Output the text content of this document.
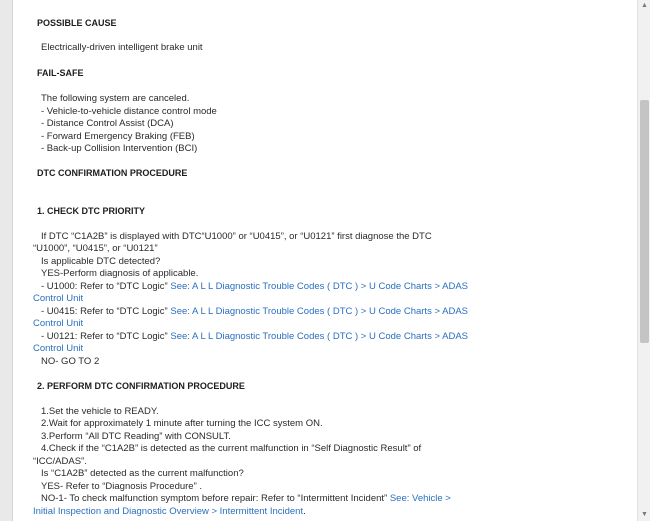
POSSIBLE CAUSE
Electrically-driven intelligent brake unit
FAIL-SAFE
The following system are canceled.
- Vehicle-to-vehicle distance control mode
- Distance Control Assist (DCA)
- Forward Emergency Braking (FEB)
- Back-up Collision Intervention (BCI)
DTC CONFIRMATION PROCEDURE
1. CHECK DTC PRIORITY
If DTC “C1A2B” is displayed with DTC“U1000” or “U0415”, or “U0121” first diagnose the DTC
“U1000”, “U0415”, or “U0121”
Is applicable DTC detected?
YES-Perform diagnosis of applicable.
- U1000: Refer to “DTC Logic” See: A L L Diagnostic Trouble Codes ( DTC ) > U Code Charts > ADAS
Control Unit
- U0415: Refer to “DTC Logic” See: A L L Diagnostic Trouble Codes ( DTC ) > U Code Charts > ADAS
Control Unit
- U0121: Refer to “DTC Logic” See: A L L Diagnostic Trouble Codes ( DTC ) > U Code Charts > ADAS
Control Unit
NO- GO TO 2
2. PERFORM DTC CONFIRMATION PROCEDURE
1.Set the vehicle to READY.
2.Wait for approximately 1 minute after turning the ICC system ON.
3.Perform “All DTC Reading” with CONSULT.
4.Check if the “C1A2B” is detected as the current malfunction in “Self Diagnostic Result” of
“ICC/ADAS”.
Is “C1A2B” detected as the current malfunction?
YES- Refer to “Diagnosis Procedure” .
NO-1- To check malfunction symptom before repair: Refer to “Intermittent Incident” See: Vehicle >
Initial Inspection and Diagnostic Overview > Intermittent Incident.
▲
▼
